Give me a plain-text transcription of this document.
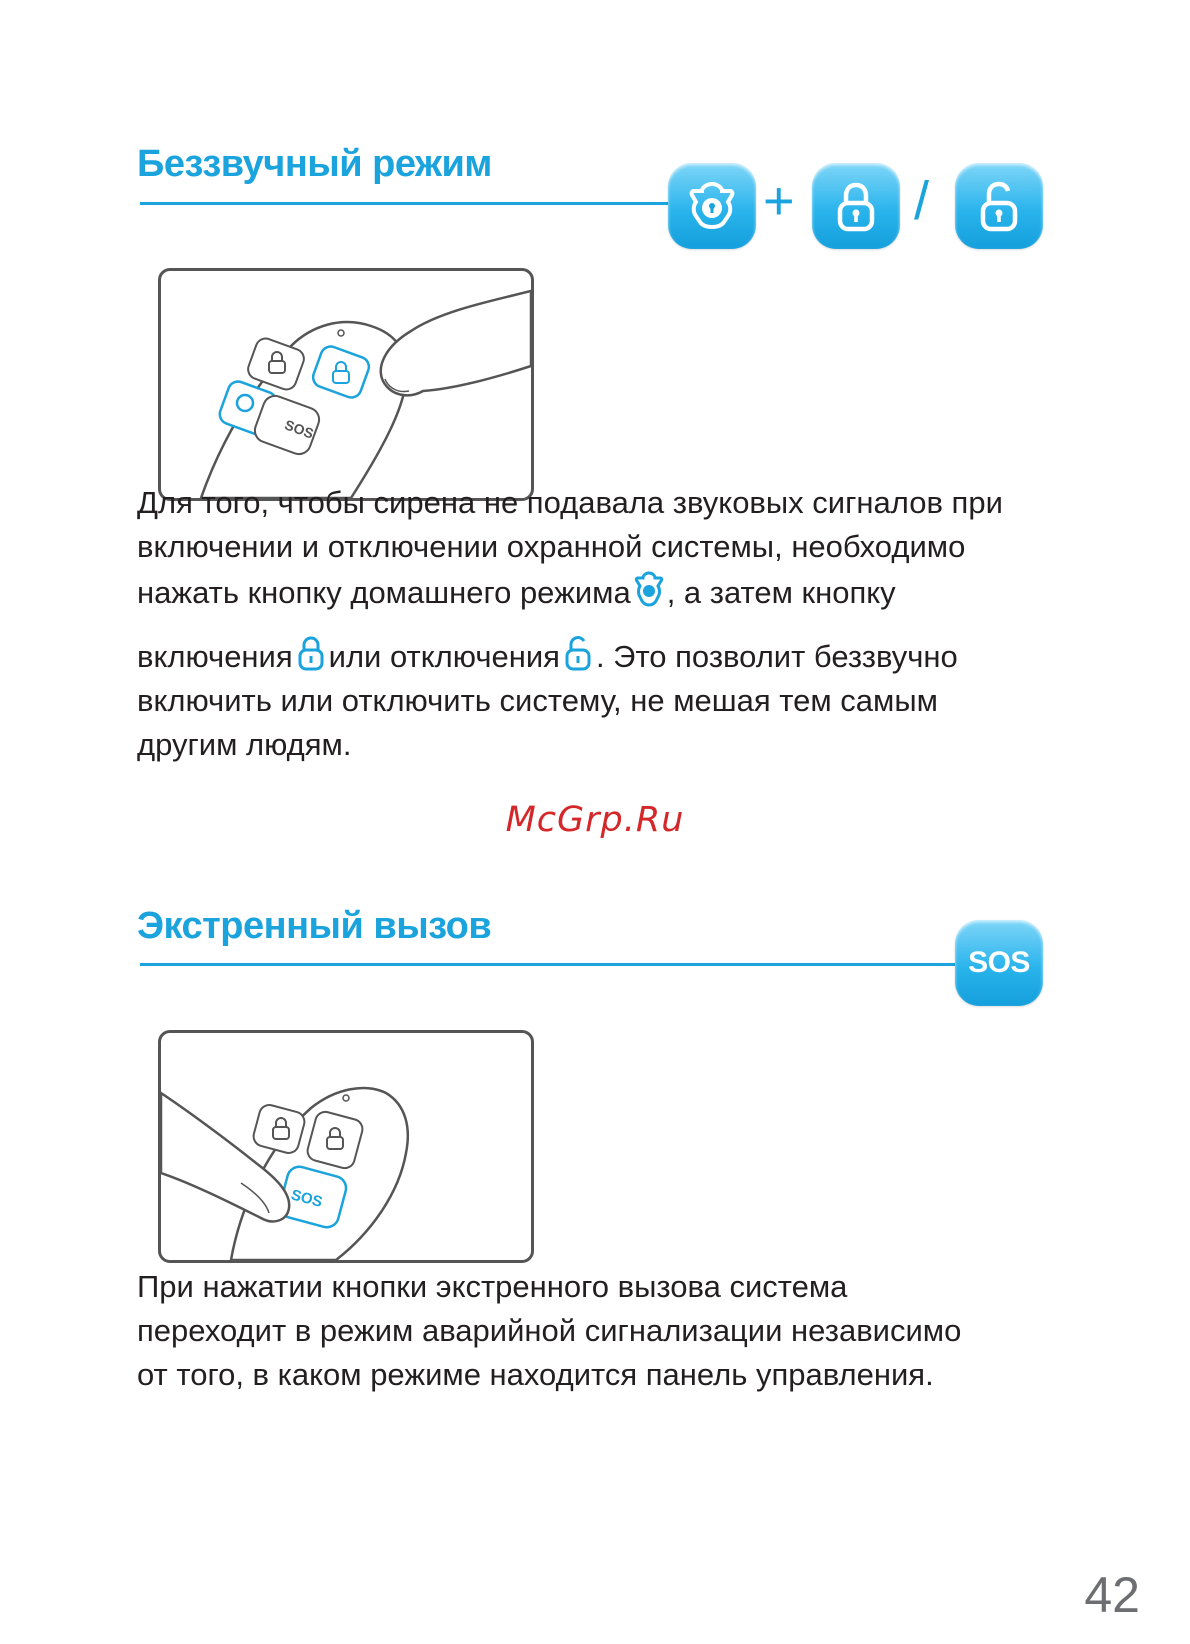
Беззвучный режим
+ /
SOS

Для того, чтобы сирена не подавала звуковых сигналов при
включении и отключении охранной системы, необходимо
нажать кнопку домашнего режима , а затем кнопку
включения или отключения . Это позволит беззвучно
включить или отключить систему, не мешая тем самым
другим людям.

McGrp.Ru
Экстренный вызов
SOS
SOS

При нажатии кнопки экстренного вызова система
переходит в режим аварийной сигнализации независимо
от того, в каком режиме находится панель управления.

42
